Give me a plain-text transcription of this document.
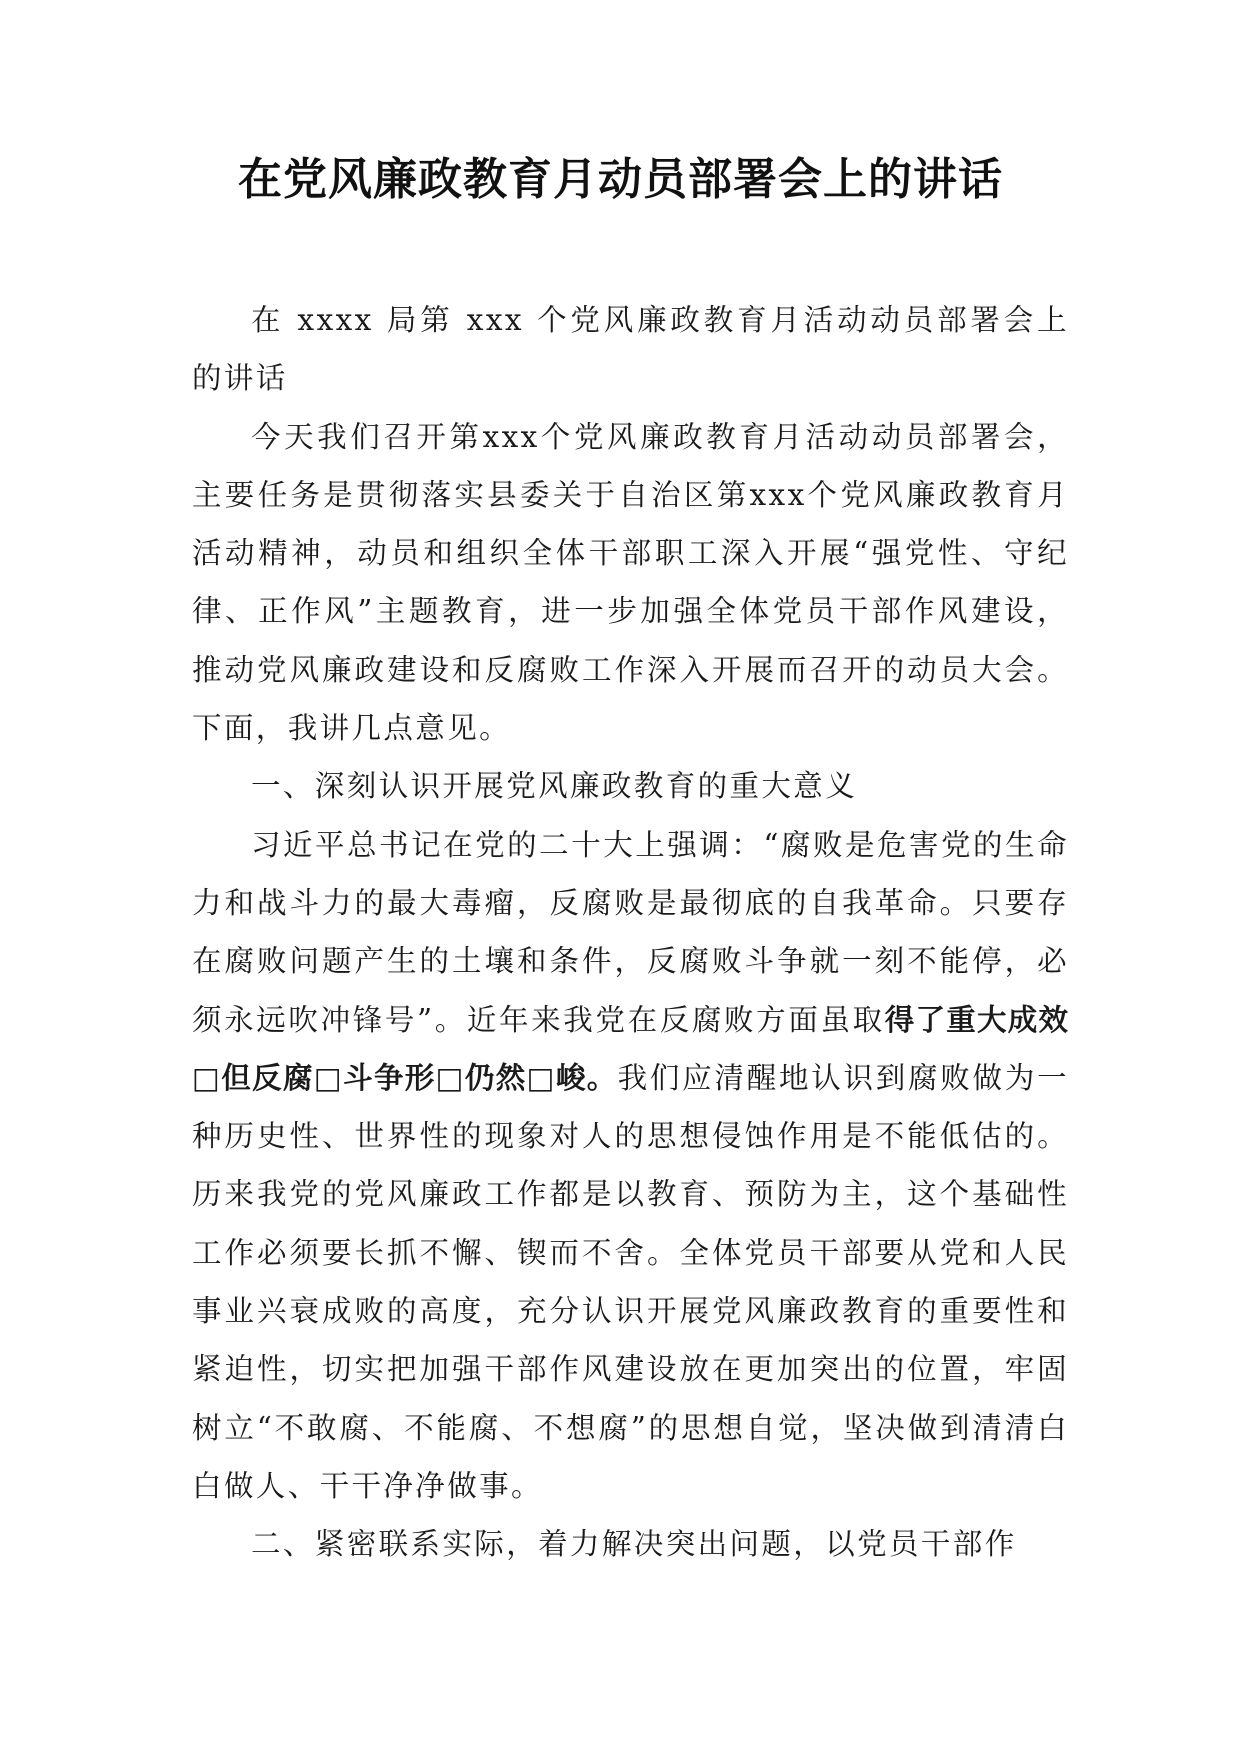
在党风廉政教育月动员部署会上的讲话

在 xxxx 局第 xxx 个党风廉政教育月活动动员部署会上的讲话

今天我们召开第xxx个党风廉政教育月活动动员部署会，主要任务是贯彻落实县委关于自治区第xxx个党风廉政教育月活动精神，动员和组织全体干部职工深入开展“强党性、守纪律、正作风”主题教育，进一步加强全体党员干部作风建设，推动党风廉政建设和反腐败工作深入开展而召开的动员大会。下面，我讲几点意见。

一、深刻认识开展党风廉政教育的重大意义

习近平总书记在党的二十大上强调：“腐败是危害党的生命力和战斗力的最大毒瘤，反腐败是最彻底的自我革命。只要存在腐败问题产生的土壤和条件，反腐败斗争就一刻不能停，必须永远吹冲锋号”。近年来我党在反腐败方面虽取得了重大成效□但反腐□斗争形□仍然□峻。我们应清醒地认识到腐败做为一种历史性、世界性的现象对人的思想侵蚀作用是不能低估的。历来我党的党风廉政工作都是以教育、预防为主，这个基础性工作必须要长抓不懈、锲而不舍。全体党员干部要从党和人民事业兴衰成败的高度，充分认识开展党风廉政教育的重要性和紧迫性，切实把加强干部作风建设放在更加突出的位置，牢固树立“不敢腐、不能腐、不想腐”的思想自觉，坚决做到清清白白做人、干干净净做事。

二、紧密联系实际，着力解决突出问题，以党员干部作
